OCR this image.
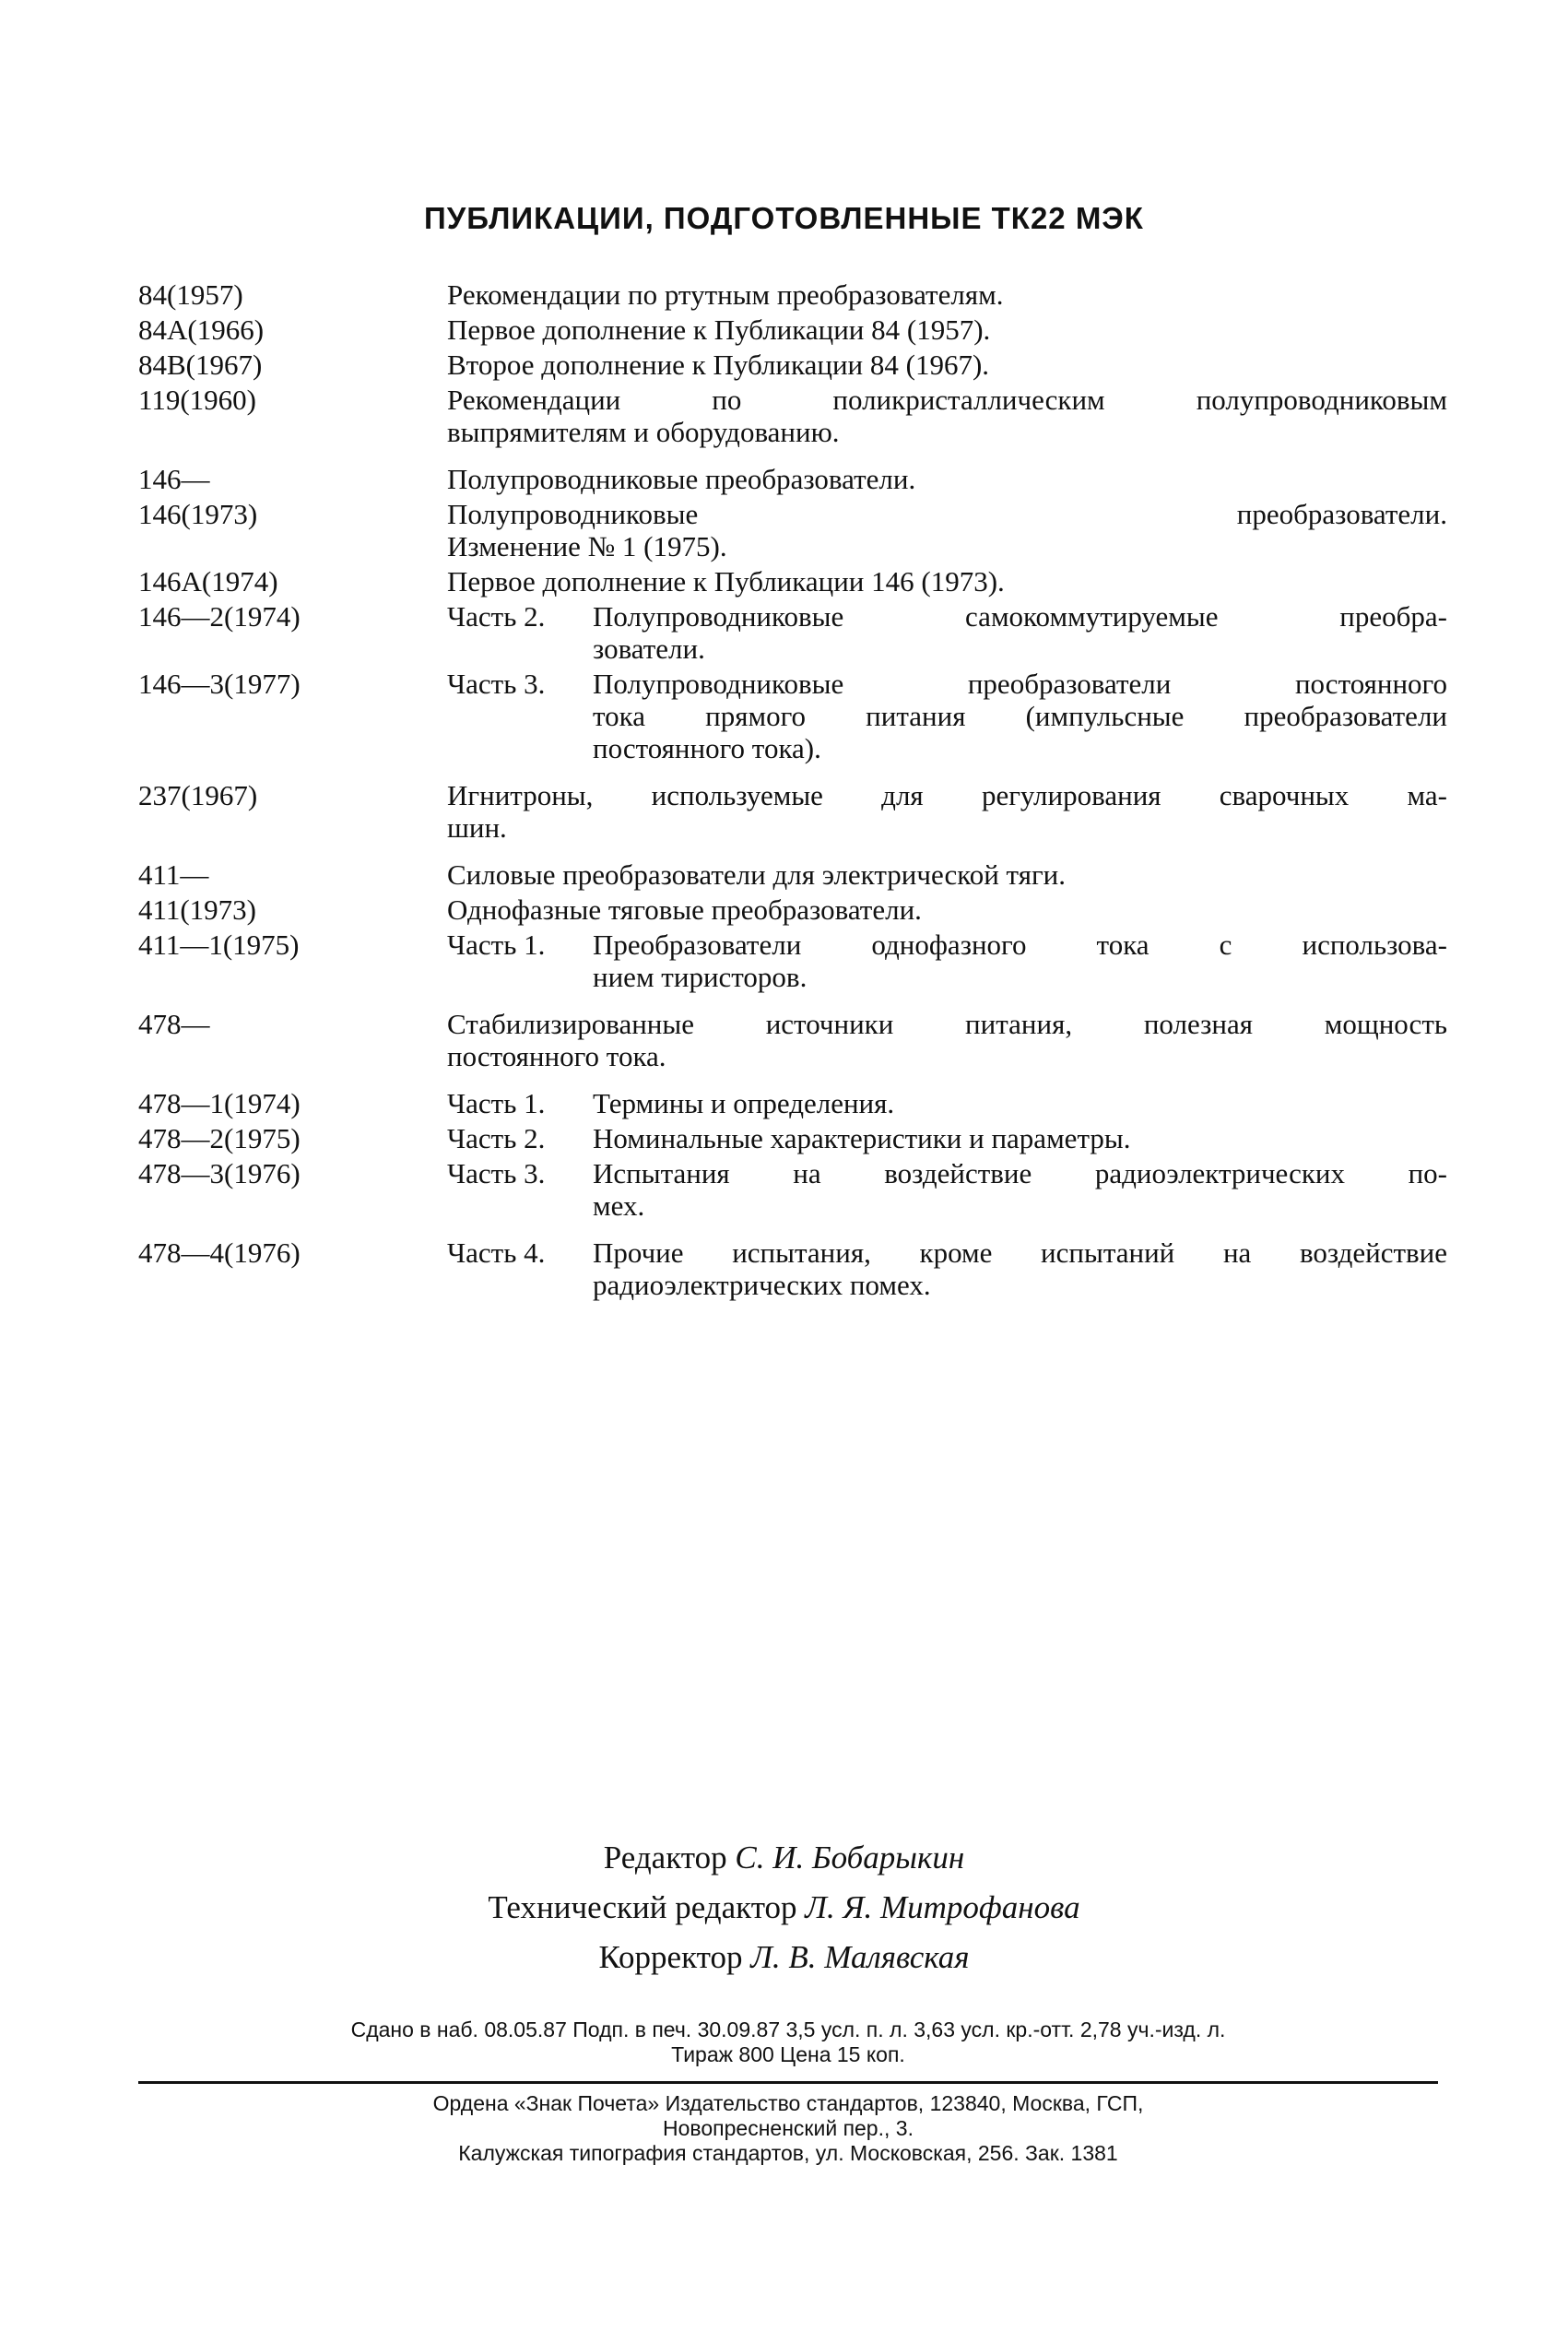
ПУБЛИКАЦИИ, ПОДГОТОВЛЕННЫЕ ТК22 МЭК
84(1957)	Рекомендации по ртутным преобразователям.
84A(1966)	Первое дополнение к Публикации 84 (1957).
84B(1967)	Второе дополнение к Публикации 84 (1967).
119(1960)	Рекомендации по поликристаллическим полупроводниковым
выпрямителям и оборудованию.
146—	Полупроводниковые преобразователи.
146(1973)	Полупроводниковые преобразователи.
Изменение № 1 (1975).
146A(1974)	Первое дополнение к Публикации 146 (1973).
146—2(1974)	Часть 2.	Полупроводниковые самокоммутируемые преобра-
зователи.
146—3(1977)	Часть 3.	Полупроводниковые преобразователи постоянного
тока прямого питания (импульсные преобразователи
постоянного тока).
237(1967)	Игнитроны, используемые для регулирования сварочных ма-
шин.
411—	Силовые преобразователи для электрической тяги.
411(1973)	Однофазные тяговые преобразователи.
411—1(1975)	Часть 1.	Преобразователи однофазного тока с использова-
нием тиристоров.
478—	Стабилизированные источники питания, полезная мощность
постоянного тока.
478—1(1974)	Часть 1.	Термины и определения.
478—2(1975)	Часть 2.	Номинальные характеристики и параметры.
478—3(1976)	Часть 3.	Испытания на воздействие радиоэлектрических по-
мех.
478—4(1976)	Часть 4.	Прочие испытания, кроме испытаний на воздействие
радиоэлектрических помех.
Редактор С. И. Бобарыкин
Технический редактор Л. Я. Митрофанова
Корректор Л. В. Малявская
Сдано в наб. 08.05.87 Подп. в печ. 30.09.87 3,5 усл. п. л. 3,63 усл. кр.-отт. 2,78 уч.-изд. л.
Тираж 800 Цена 15 коп.
Ордена «Знак Почета» Издательство стандартов, 123840, Москва, ГСП,
Новопресненский пер., 3.
Калужская типография стандартов, ул. Московская, 256. Зак. 1381
